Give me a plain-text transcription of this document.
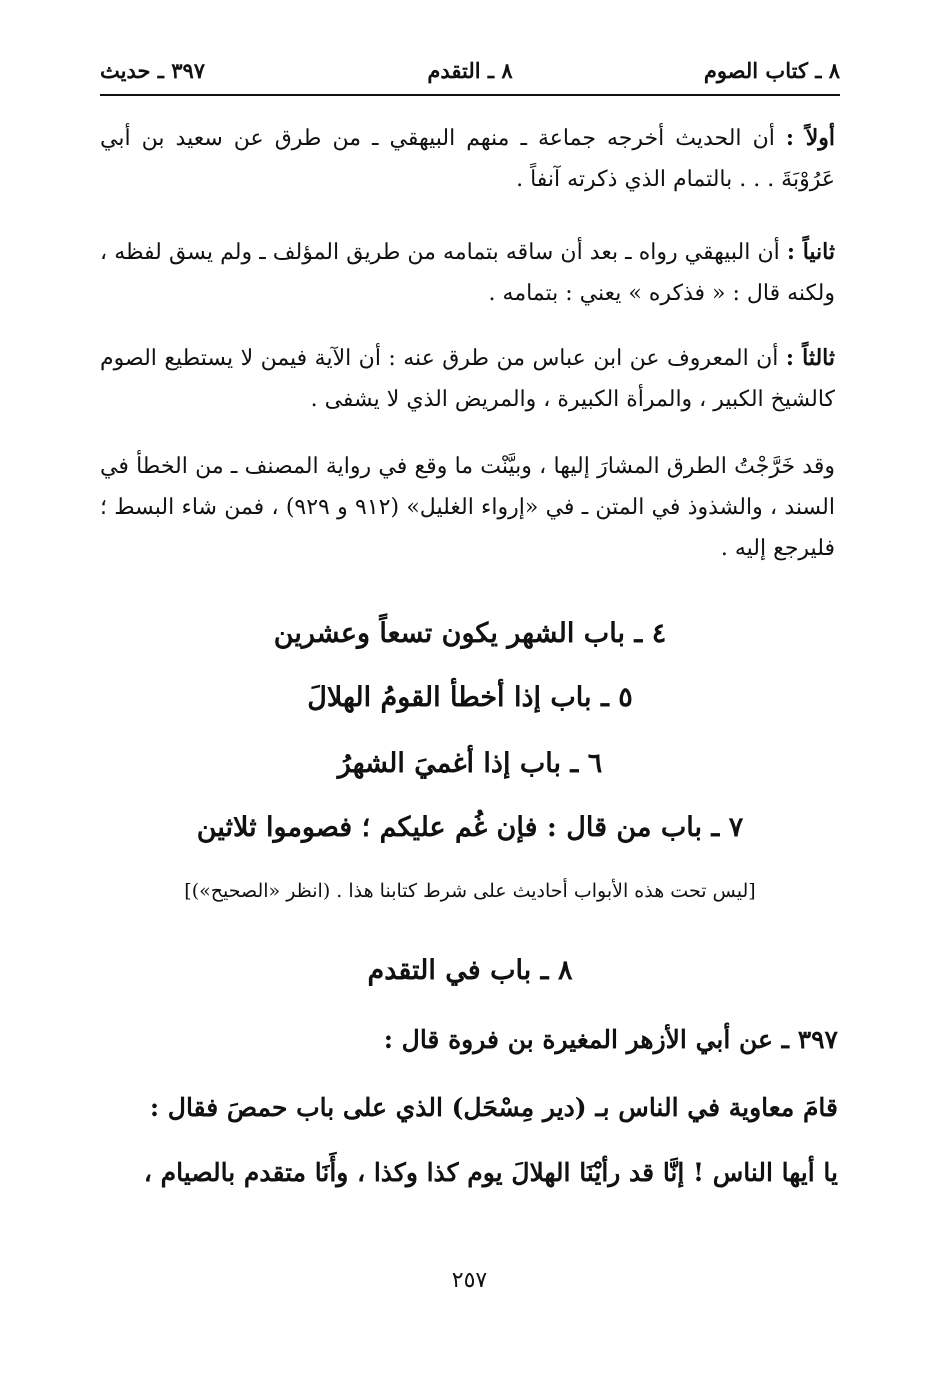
٨ ـ كتاب الصوم
٨ ـ التقدم
٣٩٧ ـ حديث

أولاً : أن الحديث أخرجه جماعة ـ منهم البيهقي ـ من طرق عن سعيد بن أبي عَرُوْبَةَ . . . بالتمام الذي ذكرته آنفاً .

ثانياً : أن البيهقي رواه ـ بعد أن ساقه بتمامه من طريق المؤلف ـ ولم يسق لفظه ، ولكنه قال : « فذكره » يعني : بتمامه .

ثالثاً : أن المعروف عن ابن عباس من طرق عنه : أن الآية فيمن لا يستطيع الصوم كالشيخ الكبير ، والمرأة الكبيرة ، والمريض الذي لا يشفى .

وقد خَرَّجْتُ الطرق المشارَ إليها ، وبيَّنْت ما وقع في رواية المصنف ـ من الخطأ في السند ، والشذوذ في المتن ـ في «إرواء الغليل» (٩١٢ و ٩٢٩) ، فمن شاء البسط ؛ فليرجع إليه .

٤ ـ باب الشهر يكون تسعاً وعشرين
٥ ـ باب إذا أخطأ القومُ الهلالَ
٦ ـ باب إذا أغميَ الشهرُ
٧ ـ باب من قال : فإن غُم عليكم ؛ فصوموا ثلاثين
[ليس تحت هذه الأبواب أحاديث على شرط كتابنا هذا . (انظر «الصحيح»)]
٨ ـ باب في التقدم
٣٩٧ ـ عن أبي الأزهر المغيرة بن فروة قال :
قامَ معاوية في الناس بـ (دير مِسْحَل) الذي على باب حمصَ فقال :
يا أيها الناس ! إنَّا قد رأيْنَا الهلالَ يوم كذا وكذا ، وأَنَا متقدم بالصيام ،
٢٥٧
